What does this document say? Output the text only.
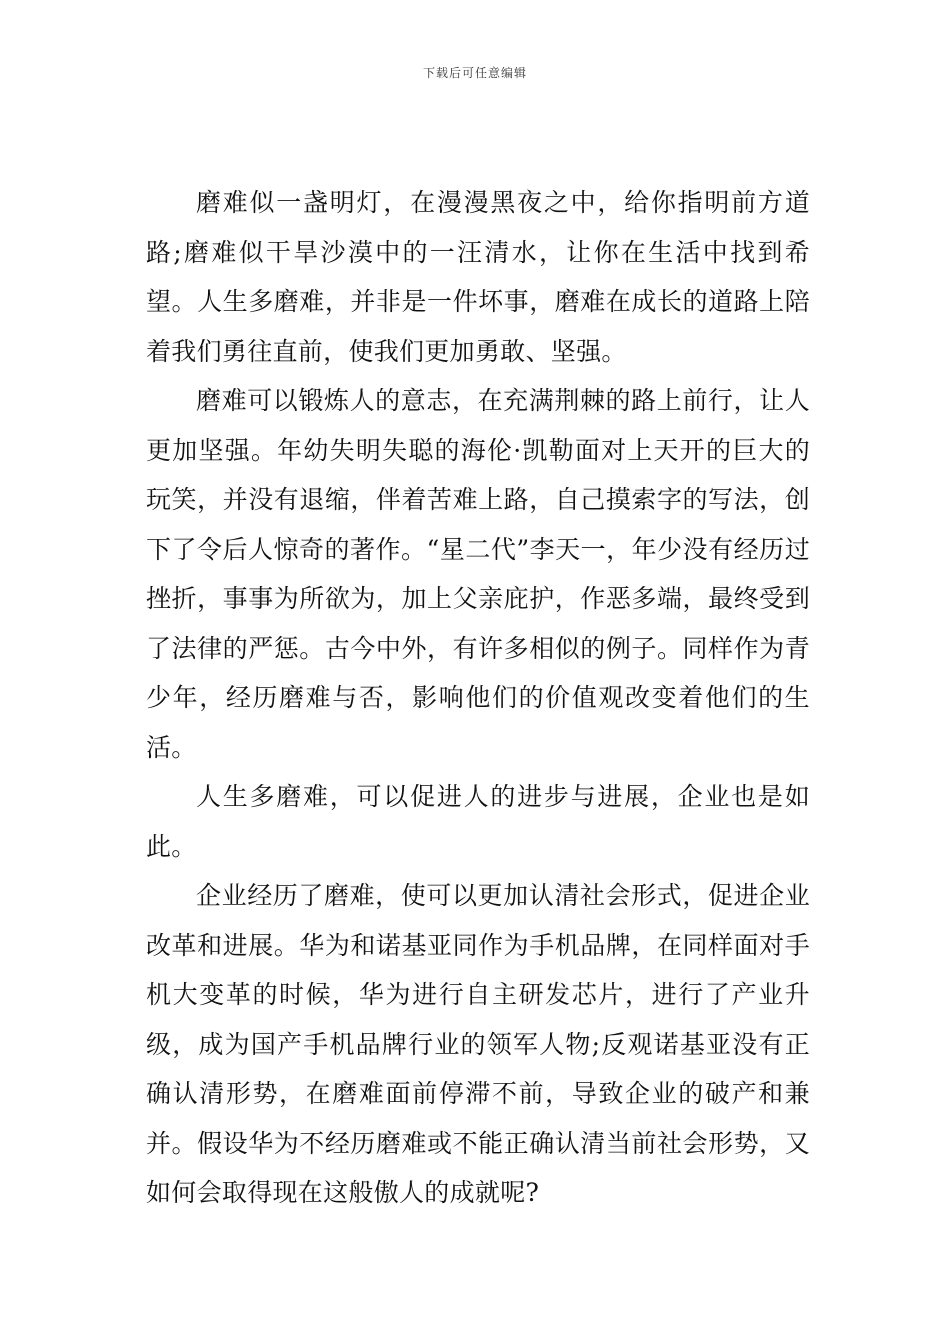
下载后可任意编辑

磨难似一盏明灯，在漫漫黑夜之中，给你指明前方道路;磨难似干旱沙漠中的一汪清水，让你在生活中找到希望。人生多磨难，并非是一件坏事，磨难在成长的道路上陪着我们勇往直前，使我们更加勇敢、坚强。

磨难可以锻炼人的意志，在充满荆棘的路上前行，让人更加坚强。年幼失明失聪的海伦·凯勒面对上天开的巨大的玩笑，并没有退缩，伴着苦难上路，自己摸索字的写法，创下了令后人惊奇的著作。“星二代”李天一，年少没有经历过挫折，事事为所欲为，加上父亲庇护，作恶多端，最终受到了法律的严惩。古今中外，有许多相似的例子。同样作为青少年，经历磨难与否，影响他们的价值观改变着他们的生活。

人生多磨难，可以促进人的进步与进展，企业也是如此。

企业经历了磨难，使可以更加认清社会形式，促进企业改革和进展。华为和诺基亚同作为手机品牌，在同样面对手机大变革的时候，华为进行自主研发芯片，进行了产业升级，成为国产手机品牌行业的领军人物;反观诺基亚没有正确认清形势，在磨难面前停滞不前，导致企业的破产和兼并。假设华为不经历磨难或不能正确认清当前社会形势，又如何会取得现在这般傲人的成就呢?
